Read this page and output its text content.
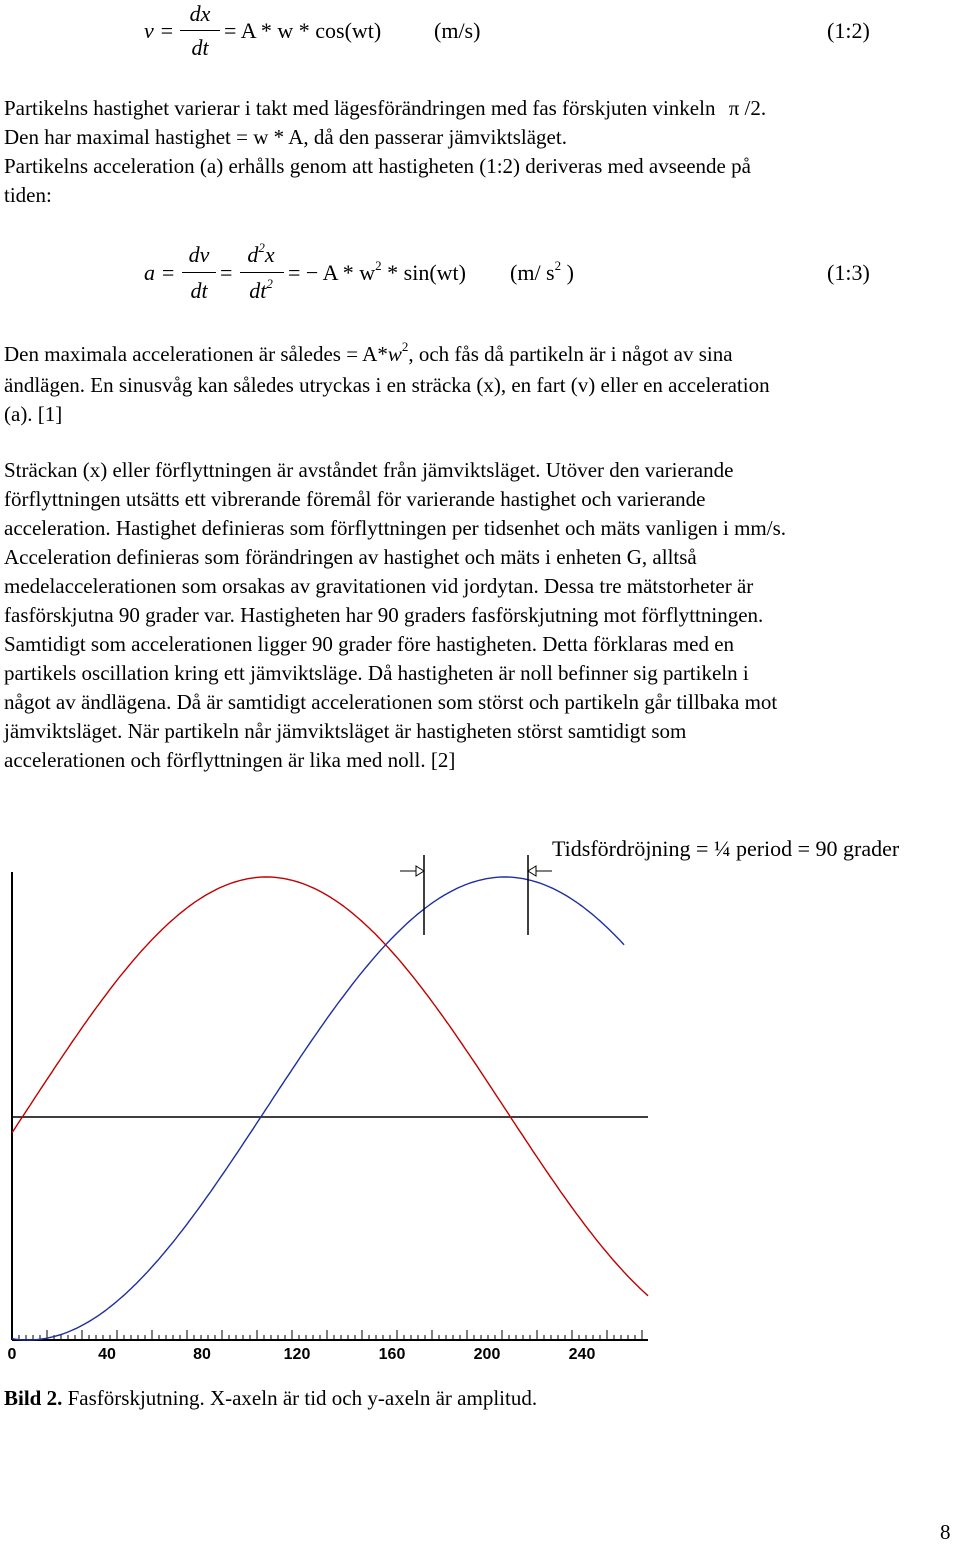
v =
dx
dt
= A * w * cos(wt) (m/s)	(1:2)
Partikelns hastighet varierar i takt med lägesförändringen med fas förskjuten vinkeln π /2.
Den har maximal hastighet = w * A, då den passerar jämviktsläget.
Partikelns acceleration (a) erhålls genom att hastigheten (1:2) deriveras med avseende på
tiden:
a =
dv
dt
=
$d^2x$
$dt^2$ = − A * $w^2 * \sin(wt)$ (m/ $s^2$ )	(1:3)
Den maximala accelerationen är således = $A*w^2$, och fås då partikeln är i något av sina
ändlägen. En sinusvåg kan således utryckas i en sträcka (x), en fart (v) eller en acceleration
(a). [1]
Sträckan (x) eller förflyttningen är avståndet från jämviktsläget. Utöver den varierande
förflyttningen utsätts ett vibrerande föremål för varierande hastighet och varierande
acceleration. Hastighet definieras som förflyttningen per tidsenhet och mäts vanligen i mm/s.
Acceleration definieras som förändringen av hastighet och mäts i enheten G, alltså
medelaccelerationen som orsakas av gravitationen vid jordytan. Dessa tre mätstorheter är
fasförskjutna 90 grader var. Hastigheten har 90 graders fasförskjutning mot förflyttningen.
Samtidigt som accelerationen ligger 90 grader före hastigheten. Detta förklaras med en
partikels oscillation kring ett jämviktsläge. Då hastigheten är noll befinner sig partikeln i
något av ändlägena. Då är samtidigt accelerationen som störst och partikeln går tillbaka mot
jämviktsläget. När partikeln når jämviktsläget är hastigheten störst samtidigt som
accelerationen och förflyttningen är lika med noll. [2]
Tidsfördröjning = ¼ period = 90 grader
0	40	80	120	160	200	240
Bild 2. Fasförskjutning. X-axeln är tid och y-axeln är amplitud.
8
